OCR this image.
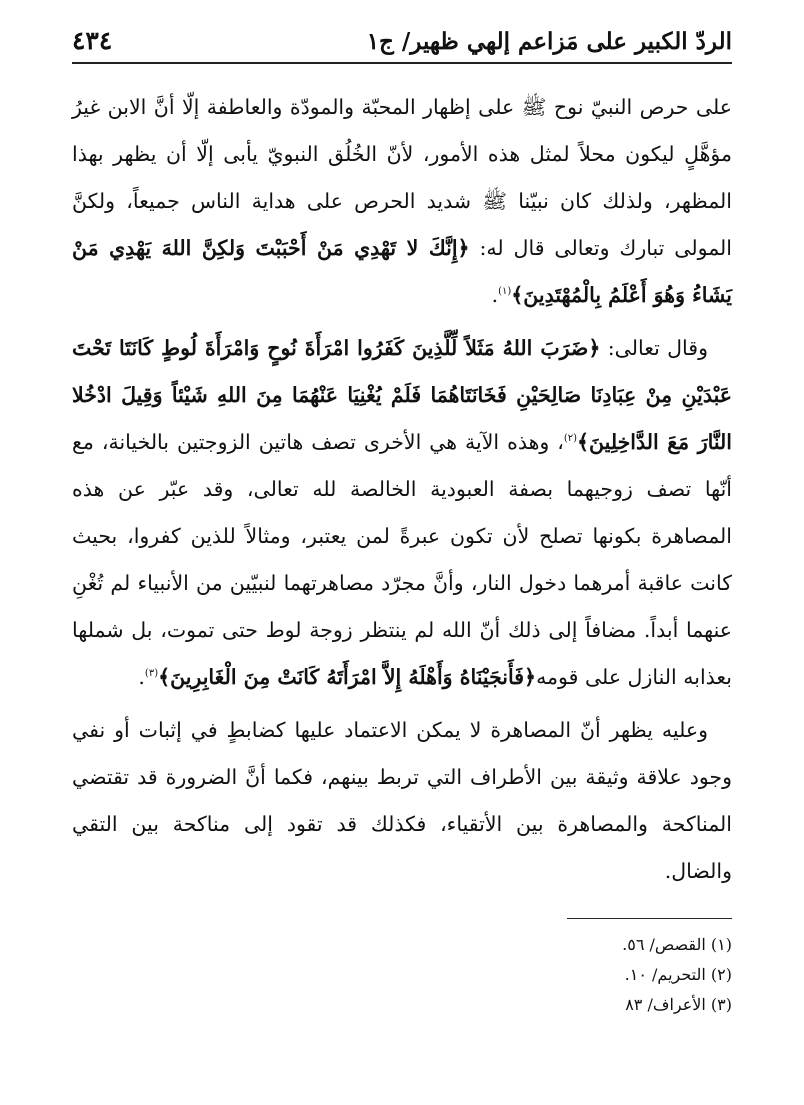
الردّ الكبير على مَزاعم إلهي ظهير/ ج١
٤٣٤

على حرص النبيّ نوح ﷺ على إظهار المحبّة والمودّة والعاطفة إلّا أنَّ الابن غيرُ مؤهَّلٍ ليكون محلاً لمثل هذه الأمور، لأنّ الخُلُق النبويّ يأبى إلّا أن يظهر بهذا المظهر، ولذلك كان نبيّنا ﷺ شديد الحرص على هداية الناس جميعاً، ولكنَّ المولى تبارك وتعالى قال له: ﴿إِنَّكَ لا تَهْدِي مَنْ أَحْبَبْتَ وَلكِنَّ اللهَ يَهْدِي مَنْ يَشَاءُ وَهُوَ أَعْلَمُ بِالْمُهْتَدِينَ﴾$^{(١)}$.

وقال تعالى: ﴿ضَرَبَ اللهُ مَثَلاً لِّلَّذِينَ كَفَرُوا امْرَأَةَ نُوحٍ وَامْرَأَةَ لُوطٍ كَانَتَا تَحْتَ عَبْدَيْنِ مِنْ عِبَادِنَا صَالِحَيْنِ فَخَانَتَاهُمَا فَلَمْ يُغْنِيَا عَنْهُمَا مِنَ اللهِ شَيْئاً وَقِيلَ ادْخُلا النَّارَ مَعَ الدَّاخِلِينَ﴾$^{(٢)}$، وهذه الآية هي الأخرى تصف هاتين الزوجتين بالخيانة، مع أنّها تصف زوجيهما بصفة العبودية الخالصة لله تعالى، وقد عبّر عن هذه المصاهرة بكونها تصلح لأن تكون عبرةً لمن يعتبر، ومثالاً للذين كفروا، بحيث كانت عاقبة أمرهما دخول النار، وأنَّ مجرّد مصاهرتهما لنبيّين من الأنبياء لم تُغْنِ عنهما أبداً. مضافاً إلى ذلك أنّ الله لم ينتظر زوجة لوط حتى تموت، بل شملها بعذابه النازل على قومه﴿فَأَنجَيْنَاهُ وَأَهْلَهُ إِلاَّ امْرَأَتَهُ كَانَتْ مِنَ الْغَابِرِينَ﴾$^{(٣)}$.

وعليه يظهر أنّ المصاهرة لا يمكن الاعتماد عليها كضابطٍ في إثبات أو نفي وجود علاقة وثيقة بين الأطراف التي تربط بينهم، فكما أنَّ الضرورة قد تقتضي المناكحة والمصاهرة بين الأتقياء، فكذلك قد تقود إلى مناكحة بين التقي والضال.

(١) القصص/ ٥٦.
(٢) التحريم/ ١٠.
(٣) الأعراف/ ٨٣
